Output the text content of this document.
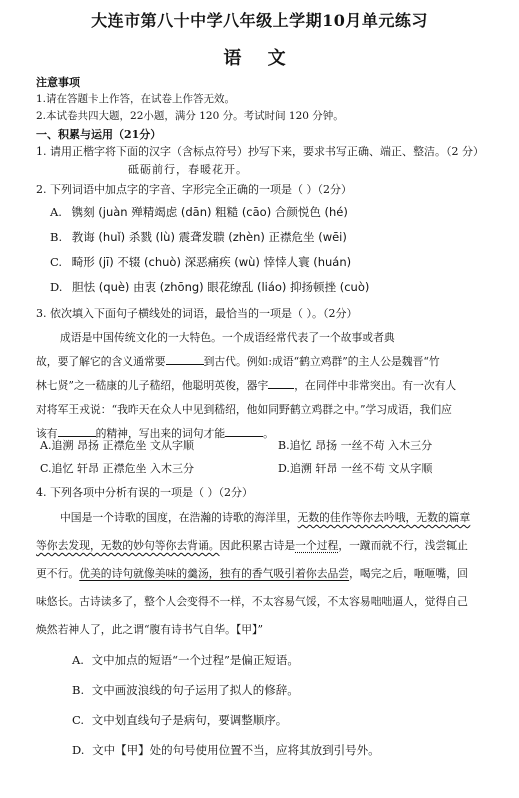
大连市第八十中学八年级上学期10月单元练习
语 文
注意事项
1.请在答题卡上作答，在试卷上作答无效。
2.本试卷共四大题，22小题，满分 120 分。考试时间 120 分钟。
一、积累与运用（21分）
1. 请用正楷字将下面的汉字（含标点符号）抄写下来，要求书写正确、端正、整洁。（2 分）
砥砺前行，春暖花开。
2. 下列词语中加点字的字音、字形完全正确的一项是（ ）（2分）
A. 镌刻 (juàn 殚精竭虑 (dān) 粗糙 (cāo) 合颜悦色 (hé)
B. 教诲 (huǐ) 杀戮 (lù) 震聋发聩 (zhèn) 正襟危坐 (wēi)
C. 畸形 (jī) 不辍 (chuò) 深恶痛疾 (wù) 悻悻人寰 (huán)
D. 胆怯 (què) 由衷 (zhōng) 眼花缭乱 (liáo) 抑扬顿挫 (cuò)
3. 依次填入下面句子横线处的词语，最恰当的一项是（ ）。（2分）
成语是中国传统文化的一大特色。一个成语经常代表了一个故事或者典
故，要了解它的含义通常要	到古代。例如:成语“鹤立鸡群”的主人公是魏晋“竹
林七贤”之一嵇康的儿子嵇绍，他聪明英俊，器宇 ，在同伴中非常突出。有一次有人
对将军王戎说：“我昨天在众人中见到嵇绍，他如同野鹤立鸡群之中。”学习成语，我们应
该有	的精神，写出来的词句才能	。
A.追溯 昂扬 正襟危坐 文从字顺	B.追忆 昂扬 一丝不苟 入木三分
C.追忆 轩昂 正襟危坐 入木三分	D.追溯 轩昂 一丝不苟 文从字顺
4. 下列各项中分析有误的一项是（ ）（2分）
中国是一个诗歌的国度，在浩瀚的诗歌的海洋里，无数的佳作等你去吟哦，无数的篇章
等你去发现，无数的妙句等你去背诵。因此积累古诗是一个过程，一蹴而就不行，浅尝辄止
更不行。优美的诗句就像美味的羹汤，独有的香气吸引着你去品尝，喝完之后，咂咂嘴，回
味悠长。古诗读多了，整个人会变得不一样，不太容易气馁，不太容易咄咄逼人，觉得自己
焕然若神人了，此之谓“腹有诗书气自华。【甲】”
A. 文中加点的短语“一个过程”是偏正短语。
B. 文中画波浪线的句子运用了拟人的修辞。
C. 文中划直线句子是病句，要调整顺序。
D. 文中【甲】处的句号使用位置不当，应将其放到引号外。
